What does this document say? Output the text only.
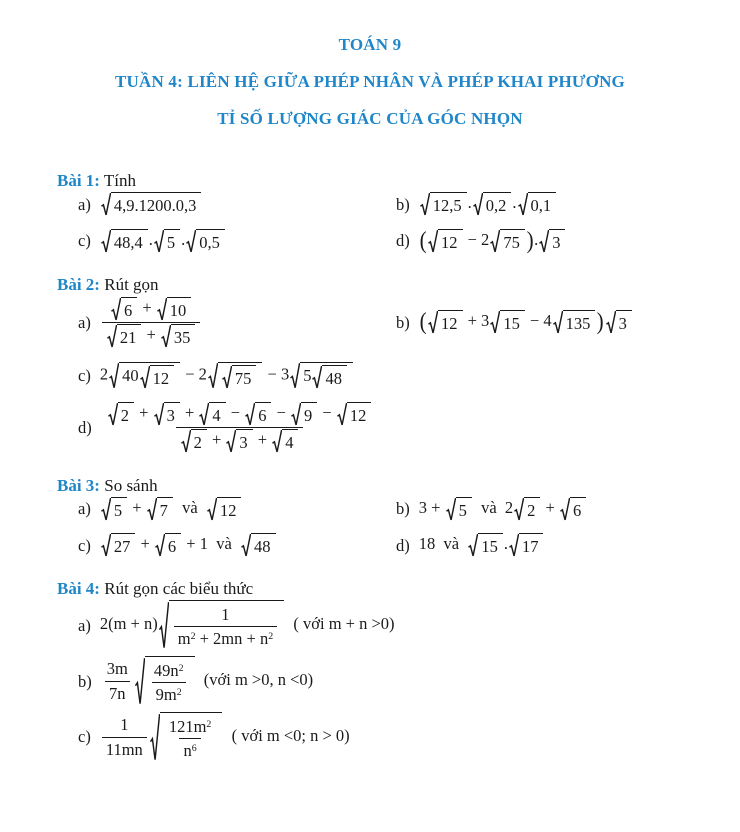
TOÁN 9
TUẦN 4: LIÊN HỆ GIỮA PHÉP NHÂN VÀ PHÉP KHAI PHƯƠNG
TỈ SỐ LƯỢNG GIÁC CỦA GÓC NHỌN
Bài 1: Tính
a) 4,9.1200.0,3	b) 12,5 . 0,2 . 0,1
c) 48,4 . 5 . 0,5	d) ( 12 − 2 75 ) . 3
Bài 2: Rút gọn
$a) \frac{6 + 10}{21 + 35}$	b) ( 12 + 3 15 − 4 135 ) 3
c) 2 40 12 − 2 75 − 3 5 48
$d) \frac{2 + 3 + 4 - 6 - 9 - 12}{2 + 3 + 4}$
Bài 3: So sánh
a) 5 + 7 và 12	b) 3 + 5 và  2 2 + 6
c) 27 + 6 + 1  và 48	d) 18  và 15 . 17
Bài 4: Rút gọn các biểu thức
a) $2(m + n) \frac{1}{m^2 + 2mn + n^2}$ ( với m + n >0)
$b) \frac{3m}{7n} \frac{49n^2}{9m^2}$ (với m >0, n <0)
$c) \frac{1}{11mn} \frac{121m^2}{n^6}$ ( với m <0; n > 0)
